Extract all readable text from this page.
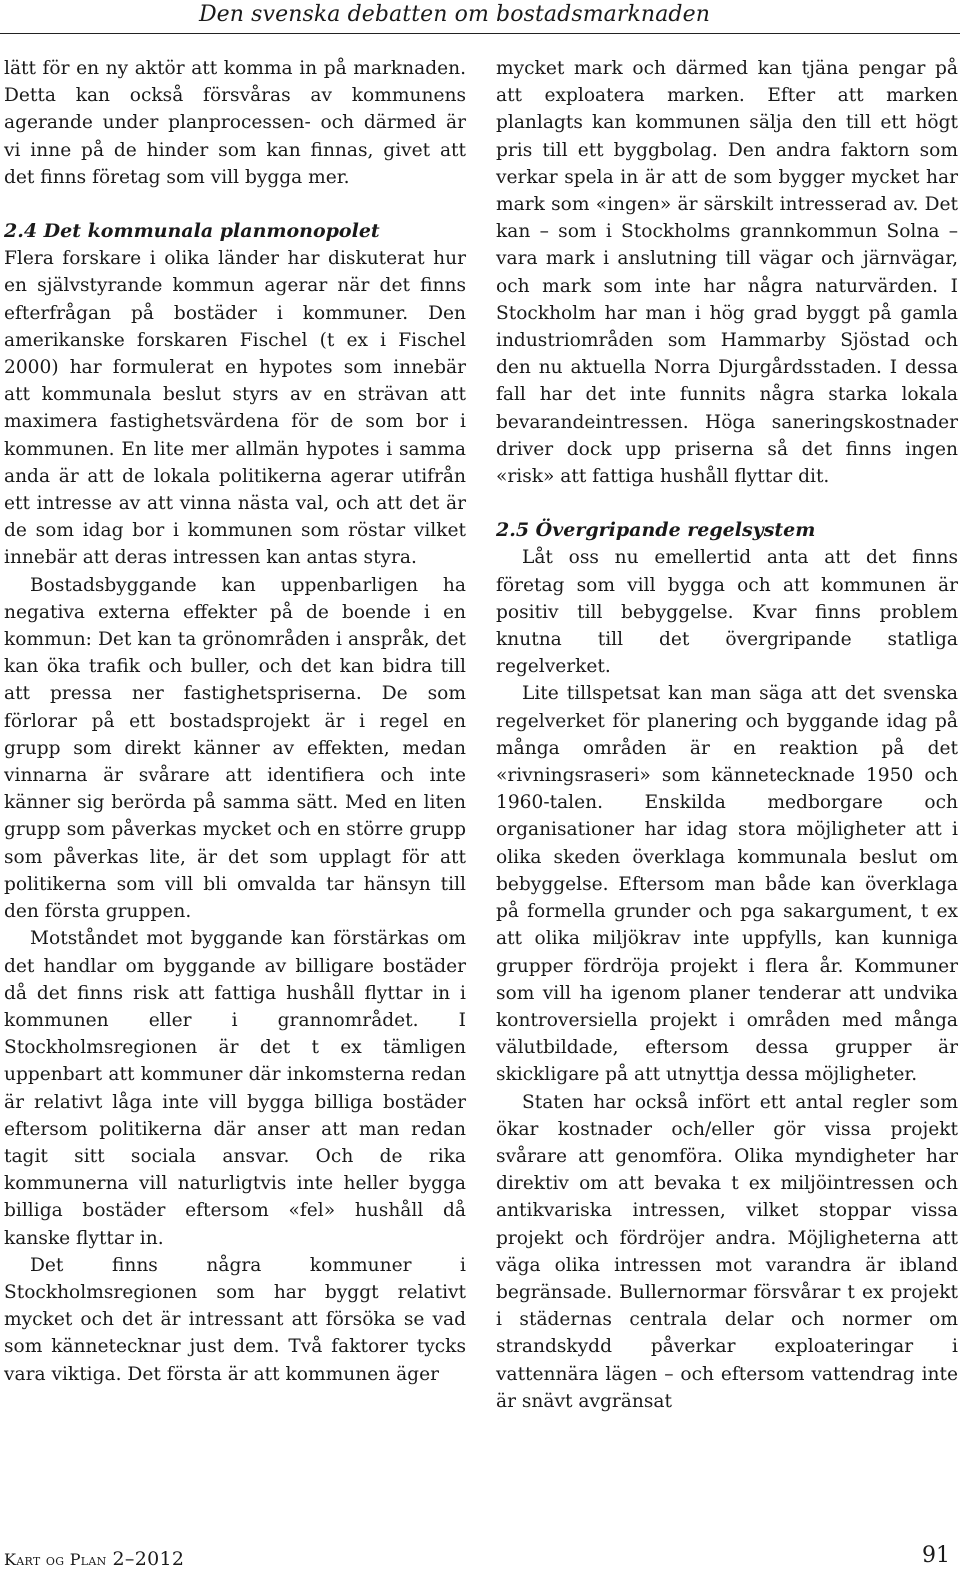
Den svenska debatten om bostadsmarknaden

lätt för en ny aktör att komma in på marknaden. Detta kan också försvåras av kommunens agerande under planprocessen- och därmed är vi inne på de hinder som kan finnas, givet att det finns företag som vill bygga mer.

2.4 Det kommunala planmonopolet

Flera forskare i olika länder har diskuterat hur en självstyrande kommun agerar när det finns efterfrågan på bostäder i kommuner. Den amerikanske forskaren Fischel (t ex i Fischel 2000) har formulerat en hypotes som innebär att kommunala beslut styrs av en strävan att maximera fastighetsvärdena för de som bor i kommunen. En lite mer allmän hypotes i samma anda är att de lokala politikerna agerar utifrån ett intresse av att vinna nästa val, och att det är de som idag bor i kommunen som röstar vilket innebär att deras intressen kan antas styra.

Bostadsbyggande kan uppenbarligen ha negativa externa effekter på de boende i en kommun: Det kan ta grönområden i anspråk, det kan öka trafik och buller, och det kan bidra till att pressa ner fastighetspriserna. De som förlorar på ett bostadsprojekt är i regel en grupp som direkt känner av effekten, medan vinnarna är svårare att identifiera och inte känner sig berörda på samma sätt. Med en liten grupp som påverkas mycket och en större grupp som påverkas lite, är det som upplagt för att politikerna som vill bli omvalda tar hänsyn till den första gruppen.

Motståndet mot byggande kan förstärkas om det handlar om byggande av billigare bostäder då det finns risk att fattiga hushåll flyttar in i kommunen eller i grannområdet. I Stockholmsregionen är det t ex tämligen uppenbart att kommuner där inkomsterna redan är relativt låga inte vill bygga billiga bostäder eftersom politikerna där anser att man redan tagit sitt sociala ansvar. Och de rika kommunerna vill naturligtvis inte heller bygga billiga bostäder eftersom «fel» hushåll då kanske flyttar in.

Det finns några kommuner i Stockholmsregionen som har byggt relativt mycket och det är intressant att försöka se vad som kännetecknar just dem. Två faktorer tycks vara viktiga. Det första är att kommunen äger

mycket mark och därmed kan tjäna pengar på att exploatera marken. Efter att marken planlagts kan kommunen sälja den till ett högt pris till ett byggbolag. Den andra faktorn som verkar spela in är att de som bygger mycket har mark som «ingen» är särskilt intresserad av. Det kan – som i Stockholms grannkommun Solna – vara mark i anslutning till vägar och järnvägar, och mark som inte har några naturvärden. I Stockholm har man i hög grad byggt på gamla industriområden som Hammarby Sjöstad och den nu aktuella Norra Djurgårdsstaden. I dessa fall har det inte funnits några starka lokala bevarandeintressen. Höga saneringskostnader driver dock upp priserna så det finns ingen «risk» att fattiga hushåll flyttar dit.

2.5 Övergripande regelsystem

Låt oss nu emellertid anta att det finns företag som vill bygga och att kommunen är positiv till bebyggelse. Kvar finns problem knutna till det övergripande statliga regelverket.

Lite tillspetsat kan man säga att det svenska regelverket för planering och byggande idag på många områden är en reaktion på det «rivningsraseri» som kännetecknade 1950 och 1960-talen. Enskilda medborgare och organisationer har idag stora möjligheter att i olika skeden överklaga kommunala beslut om bebyggelse. Eftersom man både kan överklaga på formella grunder och pga sakargument, t ex att olika miljökrav inte uppfylls, kan kunniga grupper fördröja projekt i flera år. Kommuner som vill ha igenom planer tenderar att undvika kontroversiella projekt i områden med många välutbildade, eftersom dessa grupper är skickligare på att utnyttja dessa möjligheter.

Staten har också infört ett antal regler som ökar kostnader och/eller gör vissa projekt svårare att genomföra. Olika myndigheter har direktiv om att bevaka t ex miljöintressen och antikvariska intressen, vilket stoppar vissa projekt och fördröjer andra. Möjligheterna att väga olika intressen mot varandra är ibland begränsade. Bullernormar försvårar t ex projekt i städernas centrala delar och normer om strandskydd påverkar exploateringar i vattennära lägen – och eftersom vattendrag inte är snävt avgränsat

Kart og Plan 2–2012	91
